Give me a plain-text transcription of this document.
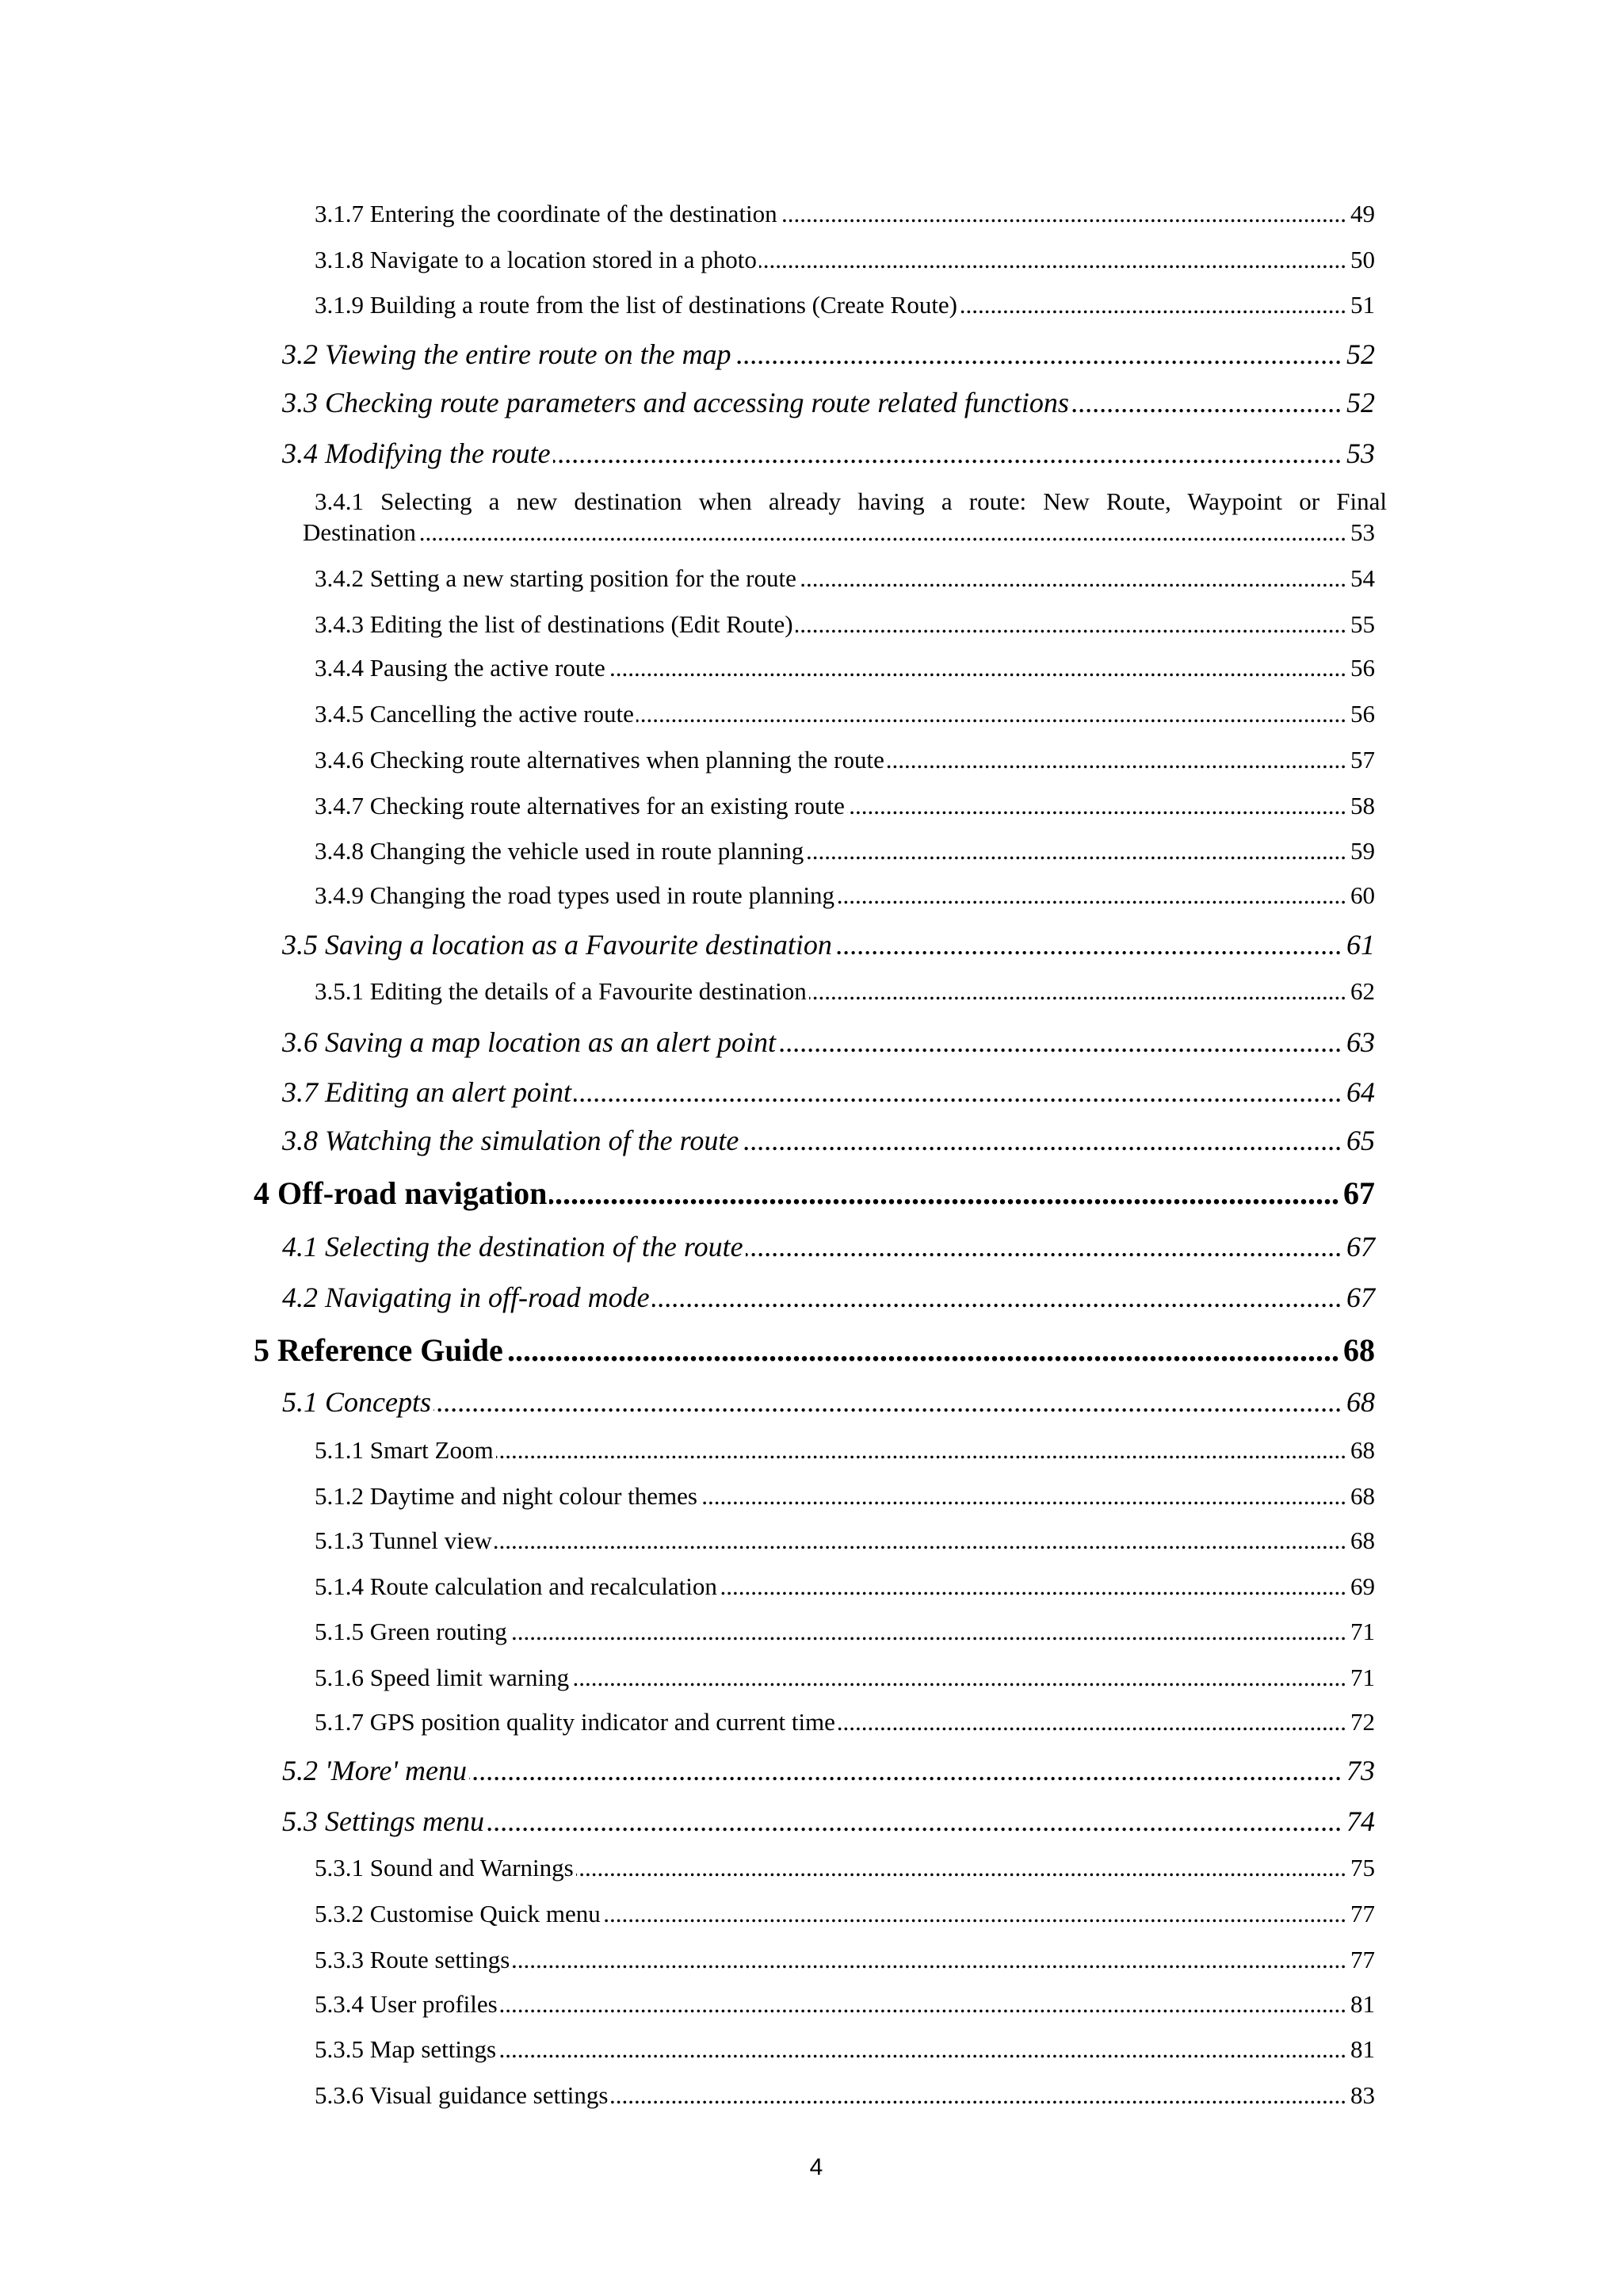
3.1.7 Entering the coordinate of the destination .....	49
3.1.8 Navigate to a location stored in a photo .....	50
3.1.9 Building a route from the list of destinations (Create Route) .....	51
3.2 Viewing the entire route on the map .....	52
3.3 Checking route parameters and accessing route related functions .....	52
3.4 Modifying the route .....	53
3.4.1 Selecting a new destination when already having a route: New Route, Waypoint or Final
Destination .....	53
3.4.2 Setting a new starting position for the route .....	54
3.4.3 Editing the list of destinations (Edit Route) .....	55
3.4.4 Pausing the active route .....	56
3.4.5 Cancelling the active route .....	56
3.4.6 Checking route alternatives when planning the route .....	57
3.4.7 Checking route alternatives for an existing route .....	58
3.4.8 Changing the vehicle used in route planning .....	59
3.4.9 Changing the road types used in route planning .....	60
3.5 Saving a location as a Favourite destination .....	61
3.5.1 Editing the details of a Favourite destination .....	62
3.6 Saving a map location as an alert point .....	63
3.7 Editing an alert point .....	64
3.8 Watching the simulation of the route .....	65
4 Off-road navigation .....	67
4.1 Selecting the destination of the route .....	67
4.2 Navigating in off-road mode .....	67
5 Reference Guide .....	68
5.1 Concepts .....	68
5.1.1 Smart Zoom .....	68
5.1.2 Daytime and night colour themes .....	68
5.1.3 Tunnel view .....	68
5.1.4 Route calculation and recalculation .....	69
5.1.5 Green routing .....	71
5.1.6 Speed limit warning .....	71
5.1.7 GPS position quality indicator and current time .....	72
5.2 'More' menu .....	73
5.3 Settings menu .....	74
5.3.1 Sound and Warnings .....	75
5.3.2 Customise Quick menu .....	77
5.3.3 Route settings .....	77
5.3.4 User profiles .....	81
5.3.5 Map settings .....	81
5.3.6 Visual guidance settings .....	83
4
